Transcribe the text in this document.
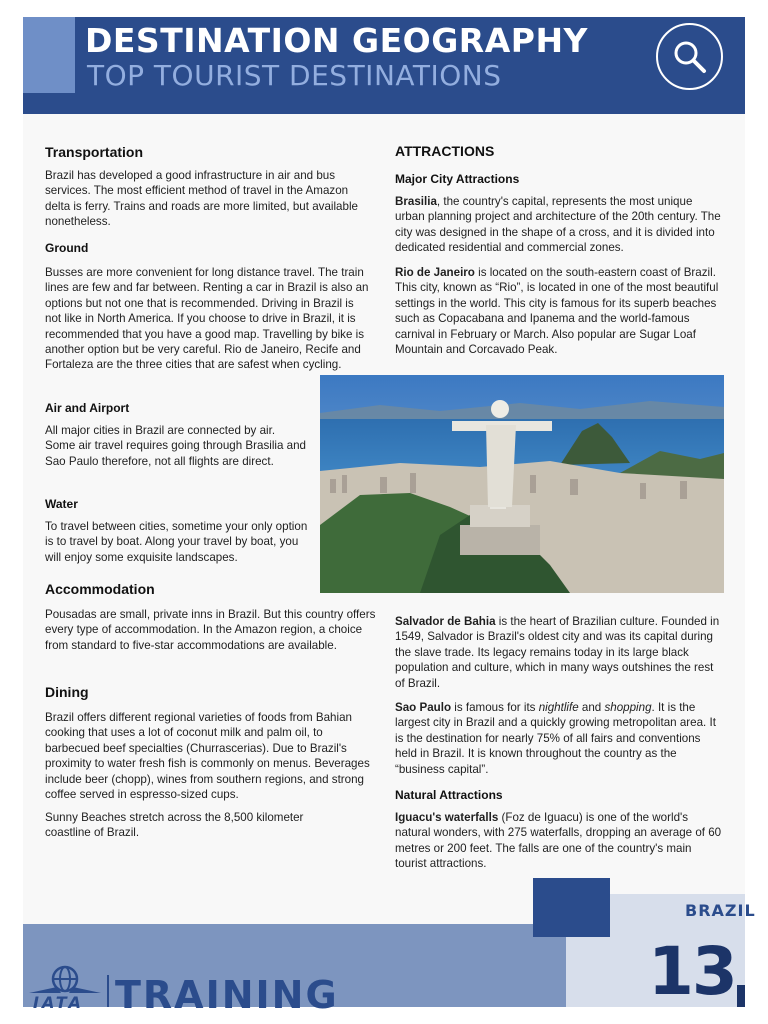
DESTINATION GEOGRAPHY
TOP TOURIST DESTINATIONS
Transportation

Brazil has developed a good infrastructure in air and bus services. The most efficient method of travel in the Amazon delta is ferry. Trains and roads are more limited, but available nonetheless.

Ground

Busses are more convenient for long distance travel. The train lines are few and far between. Renting a car in Brazil is also an options but not one that is recommended. Driving in Brazil is not like in North America. If you choose to drive in Brazil, it is recommended that you have a good map. Travelling by bike is another option but be very careful. Rio de Janeiro, Recife and Fortaleza are the three cities that are safest when cycling.

Air and Airport

All major cities in Brazil are connected by air. Some air travel requires going through Brasilia and Sao Paulo therefore, not all flights are direct.

Water

To travel between cities, sometime your only option is to travel by boat. Along your travel by boat, you will enjoy some exquisite landscapes.

Accommodation

Pousadas are small, private inns in Brazil. But this country offers every type of accommodation. In the Amazon region, a choice from standard to five-star accommodations are available.

Dining

Brazil offers different regional varieties of foods from Bahian cooking that uses a lot of coconut milk and palm oil, to barbecued beef specialties (Churrascerias). Due to Brazil's proximity to water fresh fish is commonly on menus. Beverages include beer (chopp), wines from southern regions, and strong coffee served in espresso-sized cups.

Sunny Beaches stretch across the 8,500 kilometer coastline of Brazil.

ATTRACTIONS
Major City Attractions

Brasilia, the country's capital, represents the most unique urban planning project and architecture of the 20th century. The city was designed in the shape of a cross, and it is divided into dedicated residential and commercial zones.

Rio de Janeiro is located on the south-eastern coast of Brazil. This city, known as “Rio”, is located in one of the most beautiful settings in the world. This city is famous for its superb beaches such as Copacabana and Ipanema and the world-famous carnival in February or March. Also popular are Sugar Loaf Mountain and Corcavado Peak.

Salvador de Bahia is the heart of Brazilian culture. Founded in 1549, Salvador is Brazil's oldest city and was its capital during the slave trade. Its legacy remains today in its large black population and culture, which in many ways outshines the rest of Brazil.

Sao Paulo is famous for its nightlife and shopping. It is the largest city in Brazil and a quickly growing metropolitan area. It is the destination for nearly 75% of all fairs and conventions held in Brazil. It is known throughout the country as the “business capital”.

Natural Attractions

Iguacu's waterfalls (Foz de Iguacu) is one of the world's natural wonders, with 275 waterfalls, dropping an average of 60 metres or 200 feet. The falls are one of the country's main tourist attractions.

BRAZIL
13
IATA TRAINING
